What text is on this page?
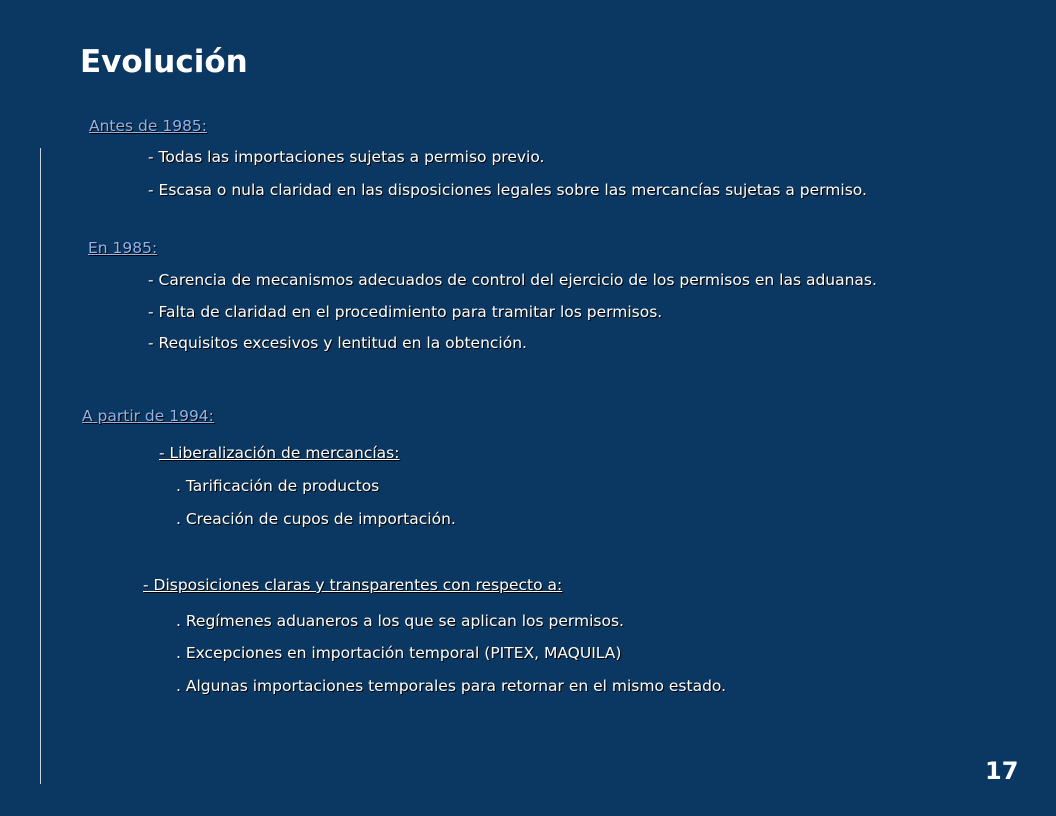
Evolución
Antes de 1985:
- Todas las importaciones sujetas a permiso previo.
- Escasa o nula claridad en las disposiciones legales sobre las mercancías sujetas a permiso.
En 1985:
- Carencia de mecanismos adecuados de control del ejercicio de los permisos en las aduanas.
- Falta de claridad en el procedimiento para tramitar los permisos.
- Requisitos excesivos y lentitud en la obtención.
A partir de 1994:
- Liberalización de mercancías:
. Tarificación de productos
. Creación de cupos de importación.
- Disposiciones claras y transparentes con respecto a:
. Regímenes aduaneros a los que se aplican los permisos.
. Excepciones en importación temporal (PITEX, MAQUILA)
. Algunas importaciones temporales para retornar en el mismo estado.
17
